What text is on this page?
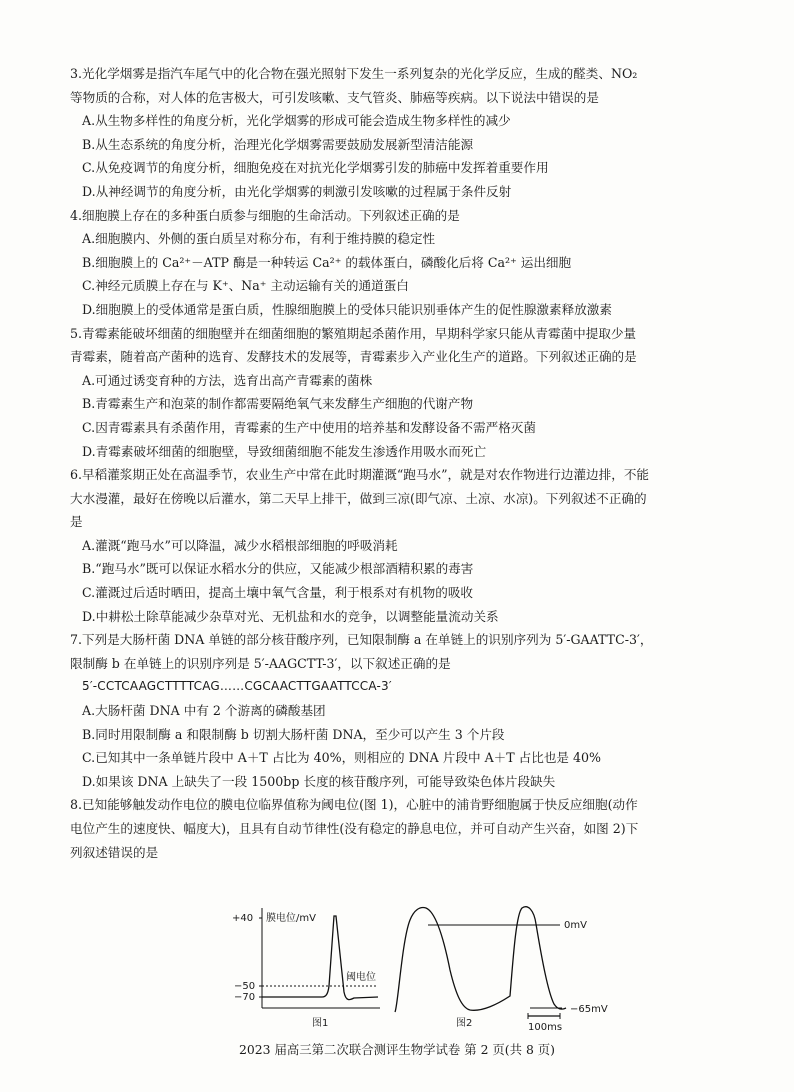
3.光化学烟雾是指汽车尾气中的化合物在强光照射下发生一系列复杂的光化学反应，生成的醛类、NO₂
等物质的合称，对人体的危害极大，可引发咳嗽、支气管炎、肺癌等疾病。以下说法中错误的是
A.从生物多样性的角度分析，光化学烟雾的形成可能会造成生物多样性的减少
B.从生态系统的角度分析，治理光化学烟雾需要鼓励发展新型清洁能源
C.从免疫调节的角度分析，细胞免疫在对抗光化学烟雾引发的肺癌中发挥着重要作用
D.从神经调节的角度分析，由光化学烟雾的刺激引发咳嗽的过程属于条件反射
4.细胞膜上存在的多种蛋白质参与细胞的生命活动。下列叙述正确的是
A.细胞膜内、外侧的蛋白质呈对称分布，有利于维持膜的稳定性
B.细胞膜上的 Ca²⁺－ATP 酶是一种转运 Ca²⁺ 的载体蛋白，磷酸化后将 Ca²⁺ 运出细胞
C.神经元质膜上存在与 K⁺、Na⁺ 主动运输有关的通道蛋白
D.细胞膜上的受体通常是蛋白质，性腺细胞膜上的受体只能识别垂体产生的促性腺激素释放激素
5.青霉素能破坏细菌的细胞壁并在细菌细胞的繁殖期起杀菌作用，早期科学家只能从青霉菌中提取少量
青霉素，随着高产菌种的选育、发酵技术的发展等，青霉素步入产业化生产的道路。下列叙述正确的是
A.可通过诱变育种的方法，选育出高产青霉素的菌株
B.青霉素生产和泡菜的制作都需要隔绝氧气来发酵生产细胞的代谢产物
C.因青霉素具有杀菌作用，青霉素的生产中使用的培养基和发酵设备不需严格灭菌
D.青霉素破坏细菌的细胞壁，导致细菌细胞不能发生渗透作用吸水而死亡
6.早稻灌浆期正处在高温季节，农业生产中常在此时期灌溉“跑马水”，就是对农作物进行边灌边排，不能
大水漫灌，最好在傍晚以后灌水，第二天早上排干，做到三凉(即气凉、土凉、水凉)。下列叙述不正确的
是
A.灌溉“跑马水”可以降温，减少水稻根部细胞的呼吸消耗
B.“跑马水”既可以保证水稻水分的供应，又能减少根部酒精积累的毒害
C.灌溉过后适时晒田，提高土壤中氧气含量，利于根系对有机物的吸收
D.中耕松土除草能减少杂草对光、无机盐和水的竞争，以调整能量流动关系
7.下列是大肠杆菌 DNA 单链的部分核苷酸序列，已知限制酶 a 在单链上的识别序列为 5′-GAATTC-3′，
限制酶 b 在单链上的识别序列是 5′-AAGCTT-3′，以下叙述正确的是
5′-CCTCAAGCTTTTCAG……CGCAACTTGAATTCCA-3′
A.大肠杆菌 DNA 中有 2 个游离的磷酸基团
B.同时用限制酶 a 和限制酶 b 切割大肠杆菌 DNA，至少可以产生 3 个片段
C.已知其中一条单链片段中 A＋T 占比为 40%，则相应的 DNA 片段中 A＋T 占比也是 40%
D.如果该 DNA 上缺失了一段 1500bp 长度的核苷酸序列，可能导致染色体片段缺失
8.已知能够触发动作电位的膜电位临界值称为阈电位(图 1)，心脏中的浦肯野细胞属于快反应细胞(动作
电位产生的速度快、幅度大)，且具有自动节律性(没有稳定的静息电位，并可自动产生兴奋，如图 2)下
列叙述错误的是
+40
−50
−70
膜电位/mV
阈电位
图1
0mV
−65mV
100ms
图2
2023 届高三第二次联合测评生物学试卷 第 2 页(共 8 页)
